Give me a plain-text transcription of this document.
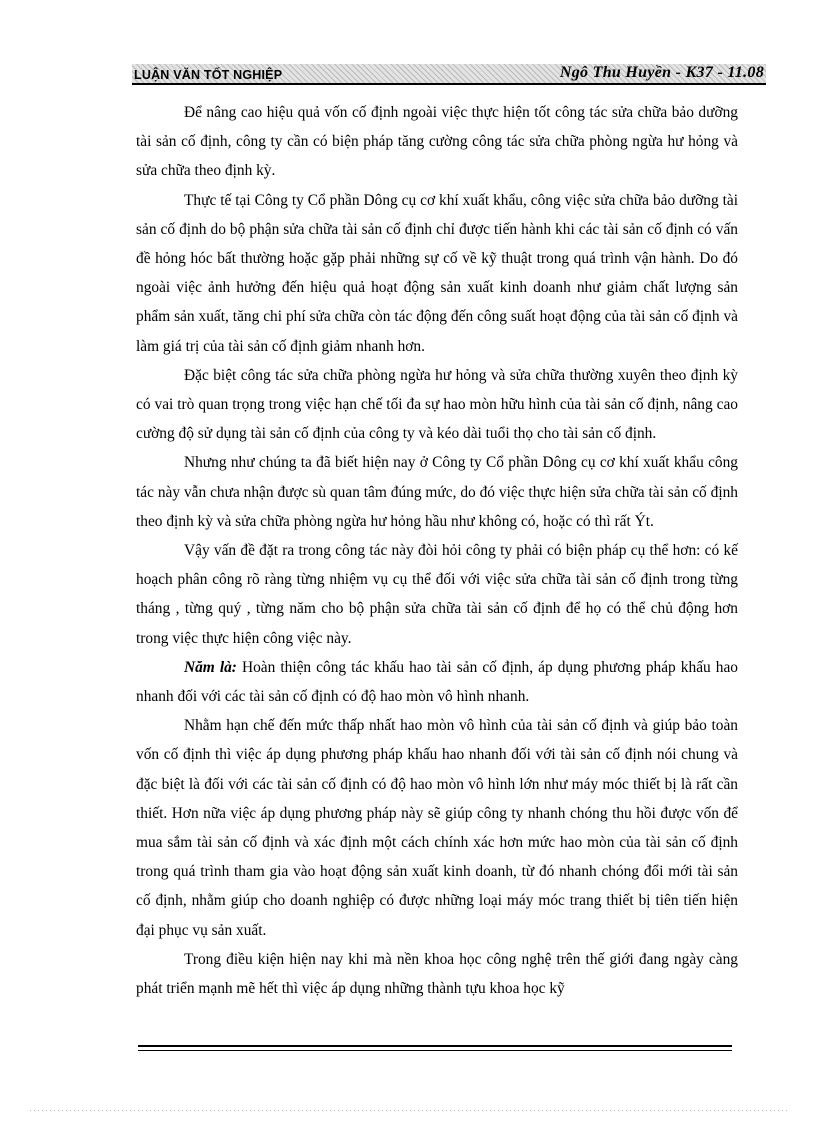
LUẬN VĂN TỐT NGHIỆP	Ngô Thu Huyền - K37 - 11.08

Để nâng cao hiệu quả vốn cố định ngoài việc thực hiện tốt công tác sửa chữa bảo dưỡng tài sản cố định, công ty cần có biện pháp tăng cường công tác sửa chữa phòng ngừa hư hỏng và sửa chữa theo định kỳ.

Thực tế tại Công ty Cổ phần Dông cụ cơ khí xuất khẩu, công việc sửa chữa bảo dưỡng tài sản cố định do bộ phận sửa chữa tài sản cố định chỉ được tiến hành khi các tài sản cố định có vấn đề hỏng hóc bất thường hoặc gặp phải những sự cố về kỹ thuật trong quá trình vận hành. Do đó ngoài việc ảnh hưởng đến hiệu quả hoạt động sản xuất kinh doanh như giảm chất lượng sản phẩm sản xuất, tăng chi phí sửa chữa còn tác động đến công suất hoạt động của tài sản cố định và làm giá trị của tài sản cố định giảm nhanh hơn.

Đặc biệt công tác sửa chữa phòng ngừa hư hỏng và sửa chữa thường xuyên theo định kỳ có vai trò quan trọng trong việc hạn chế tối đa sự hao mòn hữu hình của tài sản cố định, nâng cao cường độ sử dụng tài sản cố định của công ty và kéo dài tuổi thọ cho tài sản cố định.

Nhưng như chúng ta đã biết hiện nay ở Công ty Cổ phần Dông cụ cơ khí xuất khẩu công tác này vẫn chưa nhận được sù quan tâm đúng mức, do đó việc thực hiện sửa chữa tài sản cố định theo định kỳ và sửa chữa phòng ngừa hư hỏng hầu như không có, hoặc có thì rất Ýt.

Vậy vấn đề đặt ra trong công tác này đòi hỏi công ty phải có biện pháp cụ thể hơn: có kế hoạch phân công rõ ràng từng nhiệm vụ cụ thể đối với việc sửa chữa tài sản cố định trong từng tháng , từng quý , từng năm cho bộ phận sửa chữa tài sản cố định để họ có thể chủ động hơn trong việc thực hiện công việc này.

Năm là: Hoàn thiện công tác khấu hao tài sản cố định, áp dụng phương pháp khấu hao nhanh đối với các tài sản cố định có độ hao mòn vô hình nhanh.

Nhằm hạn chế đến mức thấp nhất hao mòn vô hình của tài sản cố định và giúp bảo toàn vốn cố định thì việc áp dụng phương pháp khấu hao nhanh đối với tài sản cố định nói chung và đặc biệt là đối với các tài sản cố định có độ hao mòn vô hình lớn như máy móc thiết bị là rất cần thiết. Hơn nữa việc áp dụng phương pháp này sẽ giúp công ty nhanh chóng thu hồi được vốn để mua sắm tài sản cố định và xác định một cách chính xác hơn mức hao mòn của tài sản cố định trong quá trình tham gia vào hoạt động sản xuất kinh doanh, từ đó nhanh chóng đổi mới tài sản cố định, nhằm giúp cho doanh nghiệp có được những loại máy móc trang thiết bị tiên tiến hiện đại phục vụ sản xuất.

Trong điều kiện hiện nay khi mà nền khoa học công nghệ trên thế giới đang ngày càng phát triển mạnh mẽ hết thì việc áp dụng những thành tựu khoa học kỹ
